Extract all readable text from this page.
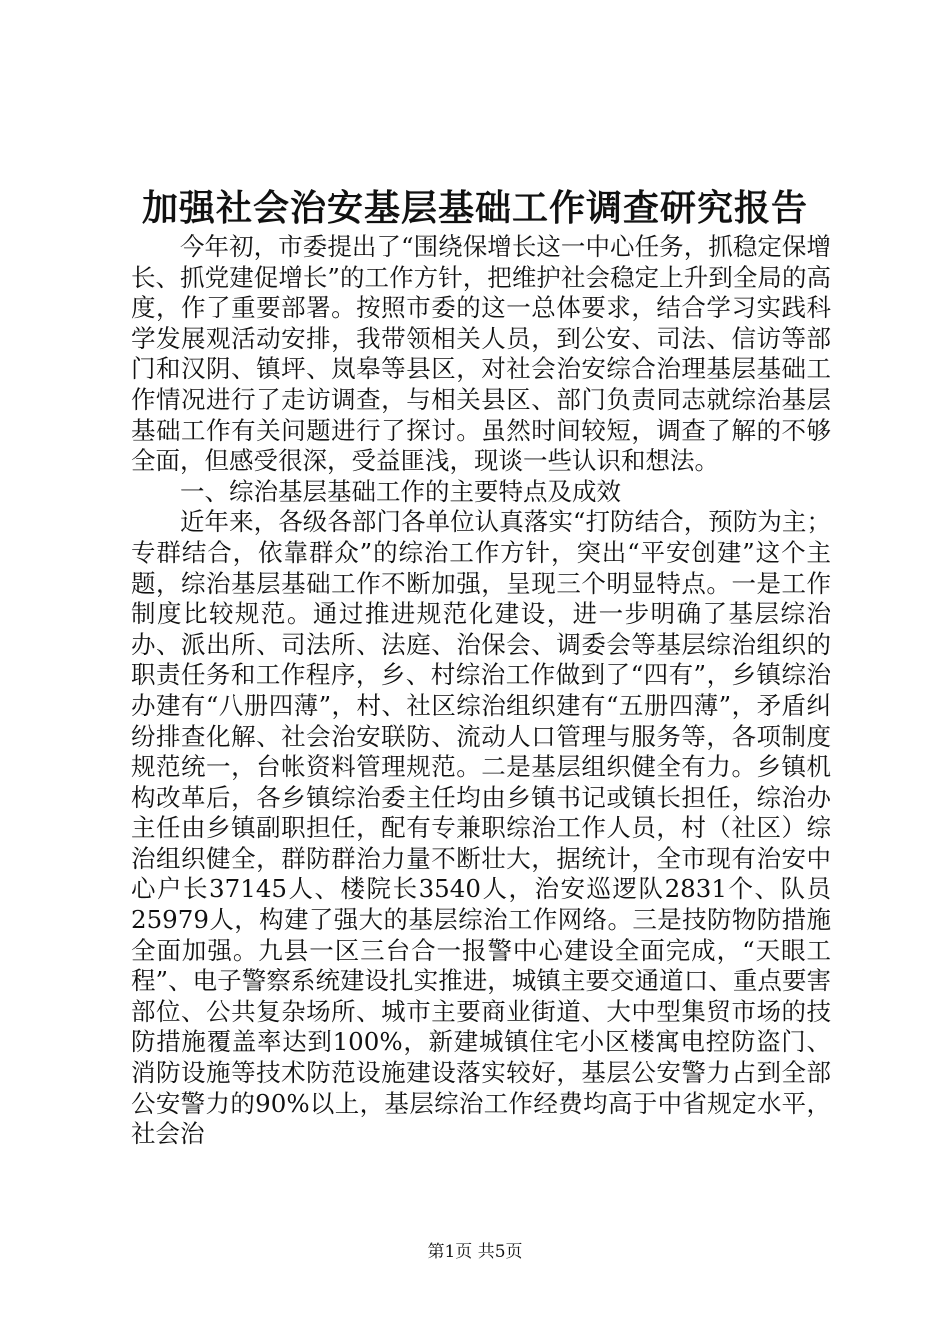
加强社会治安基层基础工作调查研究报告

今年初，市委提出了“围绕保增长这一中心任务，抓稳定保增长、抓党建促增长”的工作方针，把维护社会稳定上升到全局的高度，作了重要部署。按照市委的这一总体要求，结合学习实践科学发展观活动安排，我带领相关人员，到公安、司法、信访等部门和汉阴、镇坪、岚皋等县区，对社会治安综合治理基层基础工作情况进行了走访调查，与相关县区、部门负责同志就综治基层基础工作有关问题进行了探讨。虽然时间较短，调查了解的不够全面，但感受很深，受益匪浅，现谈一些认识和想法。

一、综治基层基础工作的主要特点及成效

近年来，各级各部门各单位认真落实“打防结合，预防为主；专群结合，依靠群众”的综治工作方针，突出“平安创建”这个主题，综治基层基础工作不断加强，呈现三个明显特点。一是工作制度比较规范。通过推进规范化建设，进一步明确了基层综治办、派出所、司法所、法庭、治保会、调委会等基层综治组织的职责任务和工作程序，乡、村综治工作做到了“四有”，乡镇综治办建有“八册四薄”，村、社区综治组织建有“五册四薄”，矛盾纠纷排查化解、社会治安联防、流动人口管理与服务等，各项制度规范统一，台帐资料管理规范。二是基层组织健全有力。乡镇机构改革后，各乡镇综治委主任均由乡镇书记或镇长担任，综治办主任由乡镇副职担任，配有专兼职综治工作人员，村（社区）综治组织健全，群防群治力量不断壮大，据统计，全市现有治安中心户长37145人、楼院长3540人，治安巡逻队2831个、队员25979人，构建了强大的基层综治工作网络。三是技防物防措施全面加强。九县一区三台合一报警中心建设全面完成，“天眼工程”、电子警察系统建设扎实推进，城镇主要交通道口、重点要害部位、公共复杂场所、城市主要商业街道、大中型集贸市场的技防措施覆盖率达到100%，新建城镇住宅小区楼寓电控防盗门、消防设施等技术防范设施建设落实较好，基层公安警力占到全部公安警力的90%以上，基层综治工作经费均高于中省规定水平，社会治

第1页 共5页
